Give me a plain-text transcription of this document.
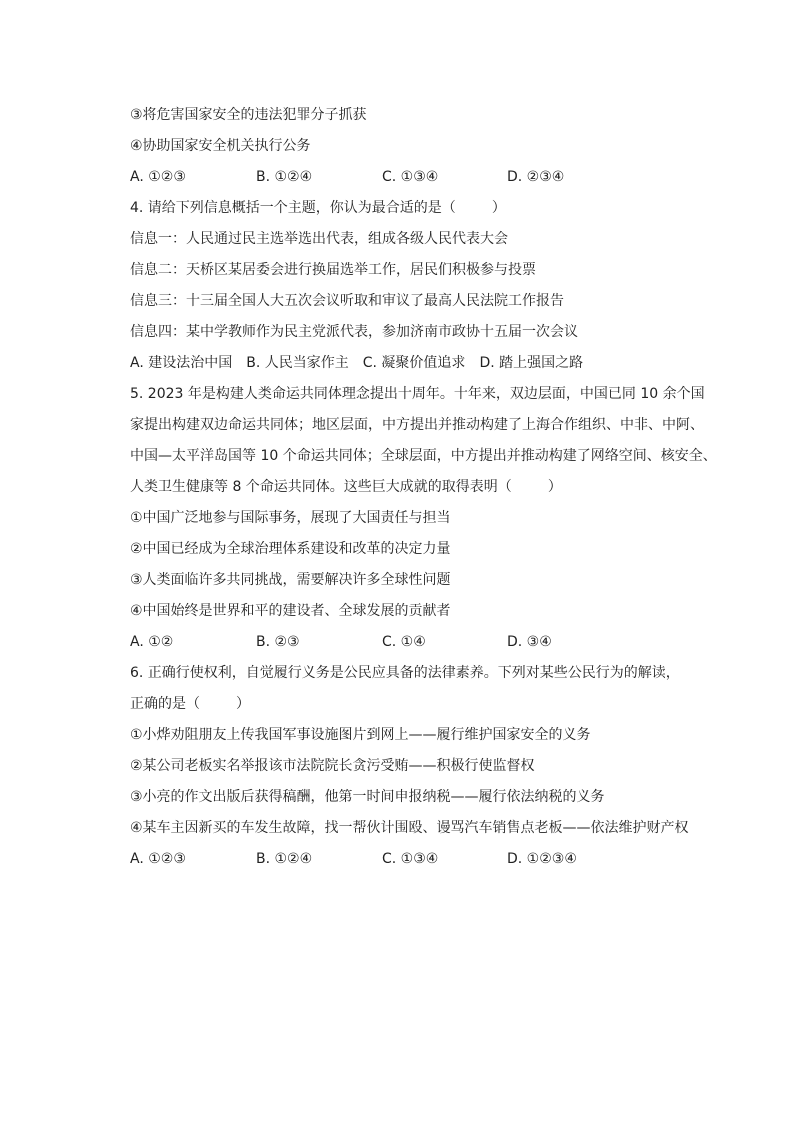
③将危害国家安全的违法犯罪分子抓获
④协助国家安全机关执行公务
A. ①②③	B. ①②④	C. ①③④	D. ②③④
4. 请给下列信息概括一个主题，你认为最合适的是（	）
信息一：人民通过民主选举选出代表，组成各级人民代表大会
信息二：天桥区某居委会进行换届选举工作，居民们积极参与投票
信息三：十三届全国人大五次会议听取和审议了最高人民法院工作报告
信息四：某中学教师作为民主党派代表，参加济南市政协十五届一次会议
A. 建设法治中国 B. 人民当家作主 C. 凝聚价值追求 D. 踏上强国之路
5. 2023 年是构建人类命运共同体理念提出十周年。十年来，双边层面，中国已同 10 余个国
家提出构建双边命运共同体；地区层面，中方提出并推动构建了上海合作组织、中非、中阿、
中国—太平洋岛国等 10 个命运共同体；全球层面，中方提出并推动构建了网络空间、核安全、
人类卫生健康等 8 个命运共同体。这些巨大成就的取得表明（	）
①中国广泛地参与国际事务，展现了大国责任与担当
②中国已经成为全球治理体系建设和改革的决定力量
③人类面临许多共同挑战，需要解决许多全球性问题
④中国始终是世界和平的建设者、全球发展的贡献者
A. ①②	B. ②③	C. ①④	D. ③④
6. 正确行使权利，自觉履行义务是公民应具备的法律素养。下列对某些公民行为的解读，
正确的是（	）
①小烨劝阻朋友上传我国军事设施图片到网上——履行维护国家安全的义务
②某公司老板实名举报该市法院院长贪污受贿——积极行使监督权
③小亮的作文出版后获得稿酬，他第一时间申报纳税——履行依法纳税的义务
④某车主因新买的车发生故障，找一帮伙计围殴、谩骂汽车销售点老板——依法维护财产权
A. ①②③	B. ①②④	C. ①③④	D. ①②③④
